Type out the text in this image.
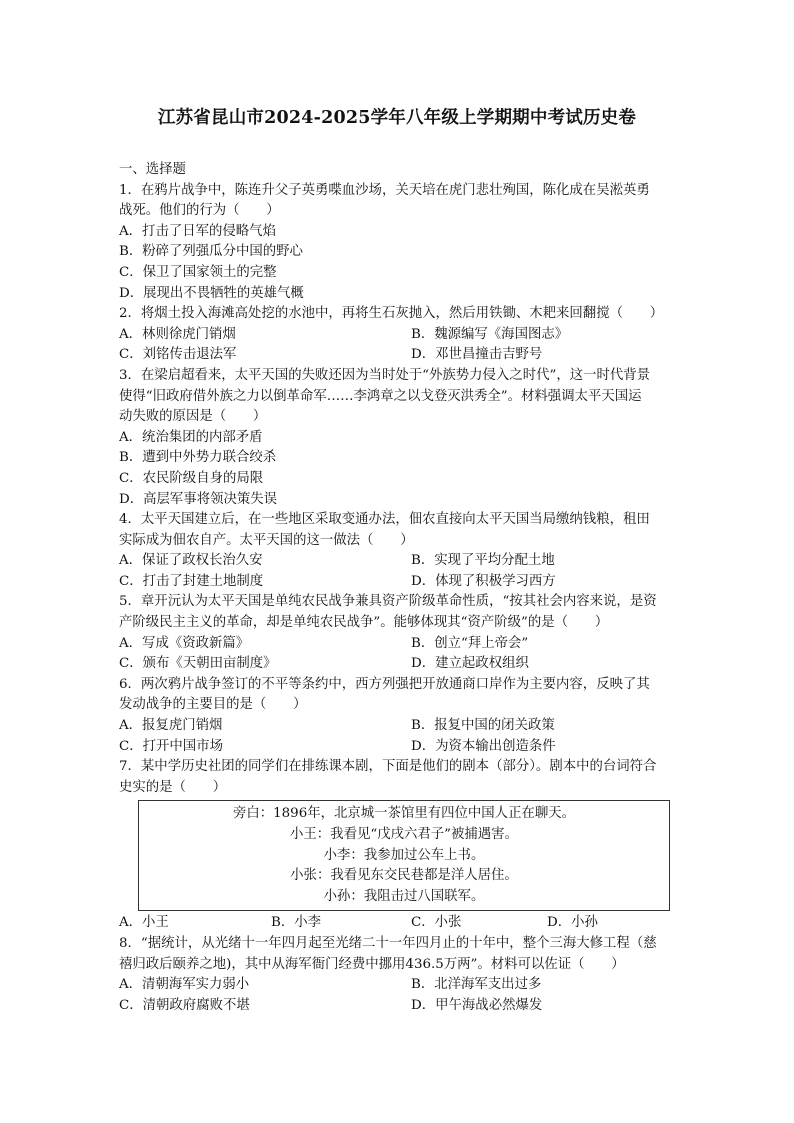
江苏省昆山市2024-2025学年八年级上学期期中考试历史卷
一、选择题
1．在鸦片战争中，陈连升父子英勇喋血沙场，关天培在虎门悲壮殉国，陈化成在吴淞英勇
战死。他们的行为（　　）
A．打击了日军的侵略气焰
B．粉碎了列强瓜分中国的野心
C．保卫了国家领土的完整
D．展现出不畏牺牲的英雄气概
2．将烟土投入海滩高处挖的水池中，再将生石灰抛入，然后用铁锄、木耙来回翻搅（　　）
A．林则徐虎门销烟	B．魏源编写《海国图志》
C．刘铭传击退法军	D．邓世昌撞击吉野号
3．在梁启超看来，太平天国的失败还因为当时处于“外族势力侵入之时代”，这一时代背景
使得“旧政府借外族之力以倒革命军……李鸿章之以戈登灭洪秀全”。材料强调太平天国运
动失败的原因是（　　）
A．统治集团的内部矛盾
B．遭到中外势力联合绞杀
C．农民阶级自身的局限
D．高层军事将领决策失误
4．太平天国建立后，在一些地区采取变通办法，佃农直接向太平天国当局缴纳钱粮，租田
实际成为佃农自产。太平天国的这一做法（　　）
A．保证了政权长治久安	B．实现了平均分配土地
C．打击了封建土地制度	D．体现了积极学习西方
5．章开沅认为太平天国是单纯农民战争兼具资产阶级革命性质，“按其社会内容来说，是资
产阶级民主主义的革命，却是单纯农民战争”。能够体现其“资产阶级”的是（　　）
A．写成《资政新篇》	B．创立“拜上帝会”
C．颁布《天朝田亩制度》	D．建立起政权组织
6．两次鸦片战争签订的不平等条约中，西方列强把开放通商口岸作为主要内容，反映了其
发动战争的主要目的是（　　）
A．报复虎门销烟	B．报复中国的闭关政策
C．打开中国市场	D．为资本输出创造条件
7．某中学历史社团的同学们在排练课本剧，下面是他们的剧本（部分）。剧本中的台词符合
史实的是（　　）
旁白：1896年，北京城一茶馆里有四位中国人正在聊天。
小王：我看见“戊戌六君子”被捕遇害。
小李：我参加过公车上书。
小张：我看见东交民巷都是洋人居住。
小孙：我阻击过八国联军。
A．小王	B．小李	C．小张	D．小孙
8．“据统计，从光绪十一年四月起至光绪二十一年四月止的十年中，整个三海大修工程（慈
禧归政后颐养之地)，其中从海军衙门经费中挪用436.5万两”。材料可以佐证（　　）
A．清朝海军实力弱小	B．北洋海军支出过多
C．清朝政府腐败不堪	D．甲午海战必然爆发
